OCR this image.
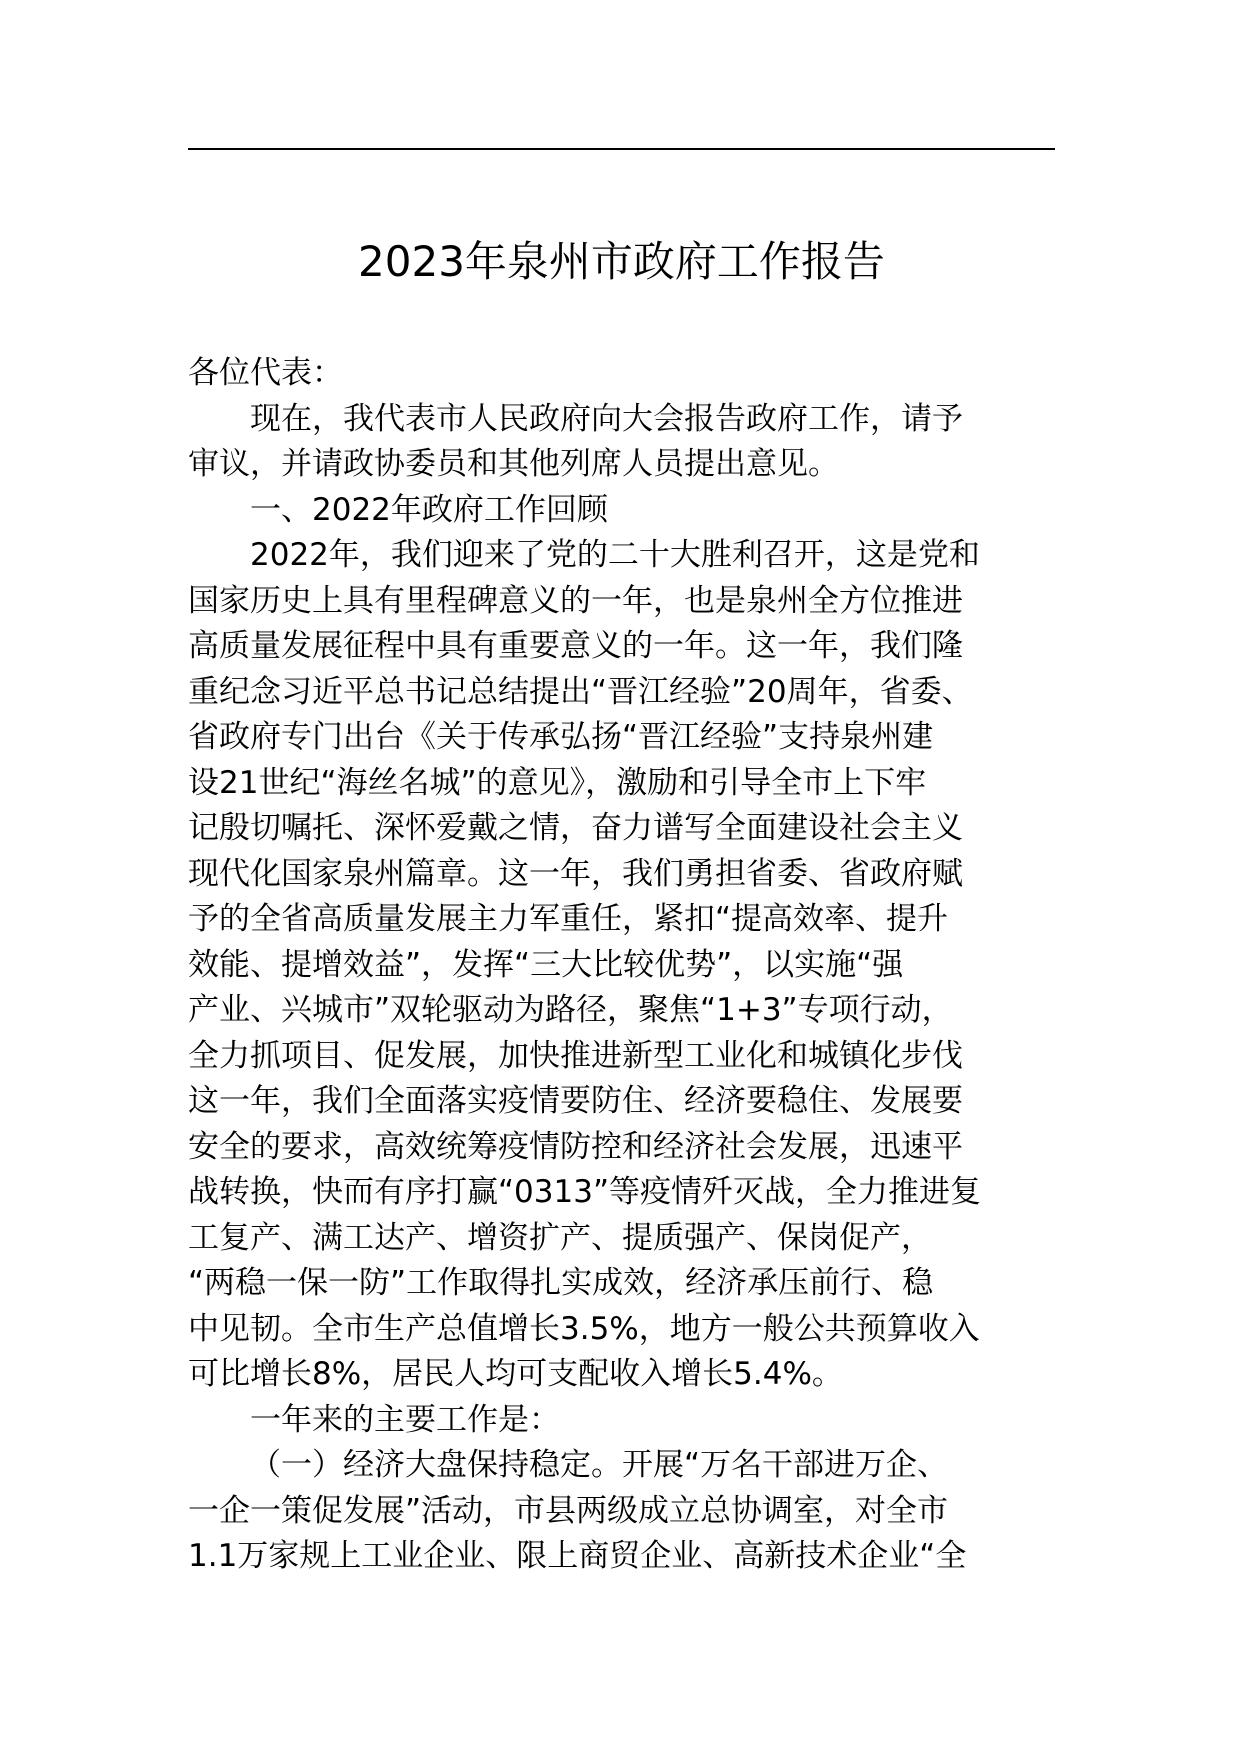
2023年泉州市政府工作报告
各位代表：
现在，我代表市人民政府向大会报告政府工作，请予
审议，并请政协委员和其他列席人员提出意见。
一、2022年政府工作回顾
2022年，我们迎来了党的二十大胜利召开，这是党和
国家历史上具有里程碑意义的一年，也是泉州全方位推进
高质量发展征程中具有重要意义的一年。这一年，我们隆
重纪念习近平总书记总结提出“晋江经验”20周年，省委、
省政府专门出台《关于传承弘扬“晋江经验”支持泉州建
设21世纪“海丝名城”的意见》，激励和引导全市上下牢
记殷切嘱托、深怀爱戴之情，奋力谱写全面建设社会主义
现代化国家泉州篇章。这一年，我们勇担省委、省政府赋
予的全省高质量发展主力军重任，紧扣“提高效率、提升
效能、提增效益”，发挥“三大比较优势”，以实施“强
产业、兴城市”双轮驱动为路径，聚焦“1+3”专项行动，
全力抓项目、促发展，加快推进新型工业化和城镇化步伐
这一年，我们全面落实疫情要防住、经济要稳住、发展要
安全的要求，高效统筹疫情防控和经济社会发展，迅速平
战转换，快而有序打赢“0313”等疫情歼灭战，全力推进复
工复产、满工达产、增资扩产、提质强产、保岗促产，
“两稳一保一防”工作取得扎实成效，经济承压前行、稳
中见韧。全市生产总值增长3.5%，地方一般公共预算收入
可比增长8%，居民人均可支配收入增长5.4%。
一年来的主要工作是：
（一）经济大盘保持稳定。开展“万名干部进万企、
一企一策促发展”活动，市县两级成立总协调室，对全市
1.1万家规上工业企业、限上商贸企业、高新技术企业“全
